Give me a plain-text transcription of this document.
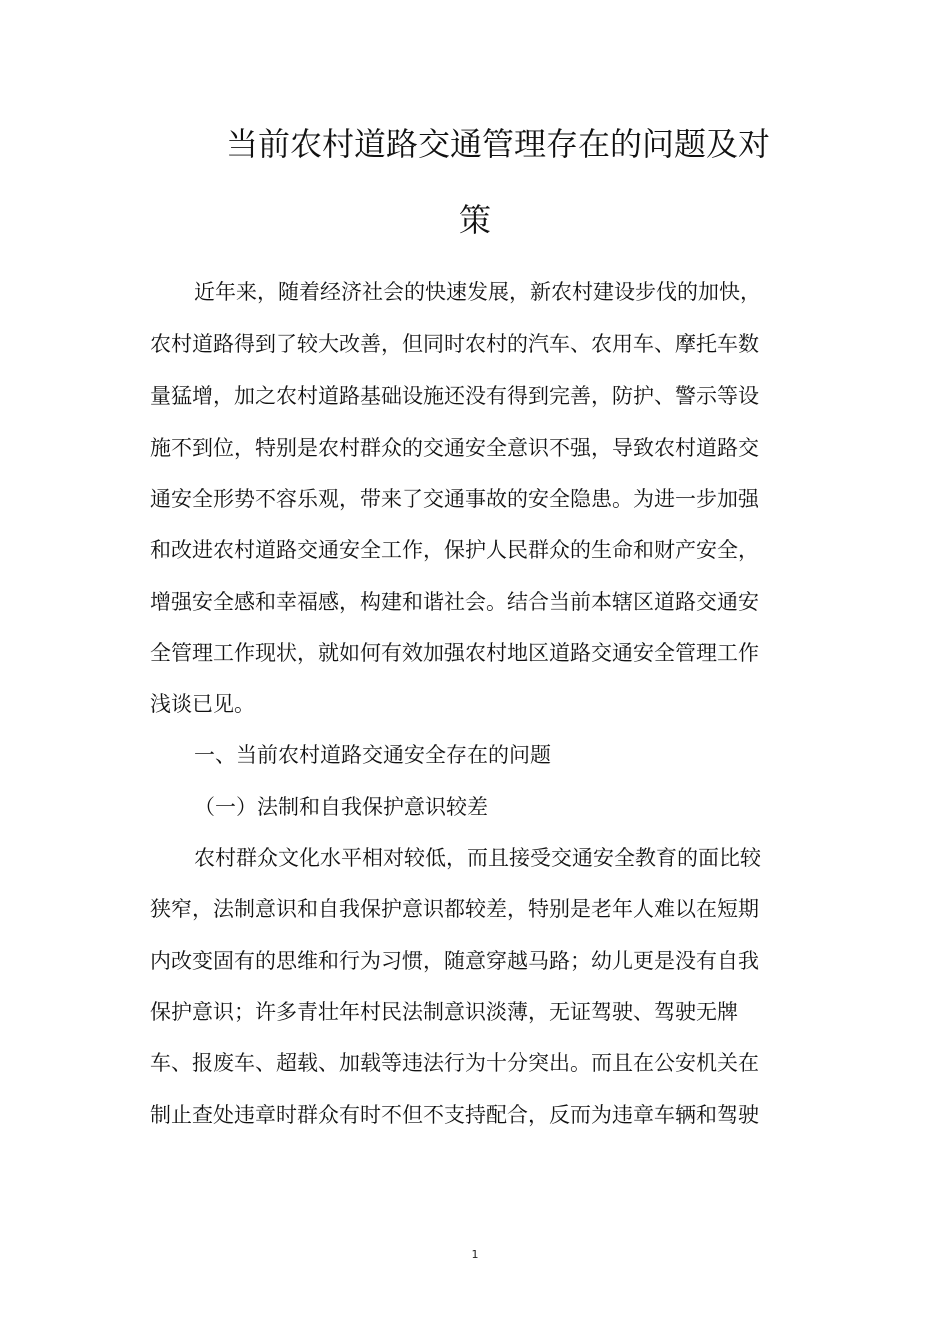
当前农村道路交通管理存在的问题及对
策
近年来，随着经济社会的快速发展，新农村建设步伐的加快，
农村道路得到了较大改善，但同时农村的汽车、农用车、摩托车数
量猛增，加之农村道路基础设施还没有得到完善，防护、警示等设
施不到位，特别是农村群众的交通安全意识不强，导致农村道路交
通安全形势不容乐观，带来了交通事故的安全隐患。为进一步加强
和改进农村道路交通安全工作，保护人民群众的生命和财产安全，
增强安全感和幸福感，构建和谐社会。结合当前本辖区道路交通安
全管理工作现状，就如何有效加强农村地区道路交通安全管理工作
浅谈已见。
一、当前农村道路交通安全存在的问题
（一）法制和自我保护意识较差
农村群众文化水平相对较低，而且接受交通安全教育的面比较
狭窄，法制意识和自我保护意识都较差，特别是老年人难以在短期
内改变固有的思维和行为习惯，随意穿越马路；幼儿更是没有自我
保护意识；许多青壮年村民法制意识淡薄，无证驾驶、驾驶无牌
车、报废车、超载、加载等违法行为十分突出。而且在公安机关在
制止查处违章时群众有时不但不支持配合，反而为违章车辆和驾驶
1
